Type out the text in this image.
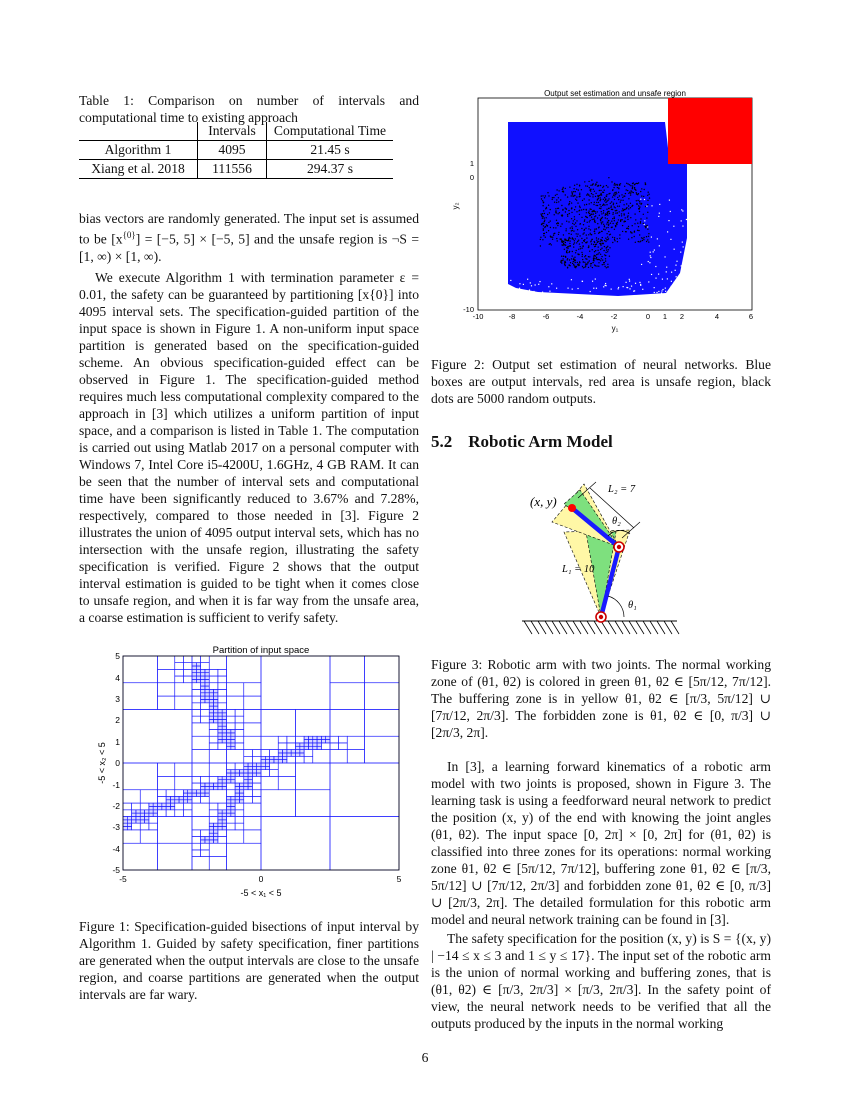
Table 1: Comparison on number of intervals and computational time to existing approach

	Intervals	Computational Time
Algorithm 1	4095	21.45 s
Xiang et al. 2018	111556	294.37 s

bias vectors are randomly generated. The input set is assumed to be $[x^{\{0\}}] = [-5$, 5] × [−5, 5] and the unsafe region is ¬S = [1, ∞) × [1, ∞).

We execute Algorithm 1 with termination parameter ε = 0.01, the safety can be guaranteed by partitioning [x{0}] into 4095 interval sets. The specification-guided partition of the input space is shown in Figure 1. A non-uniform input space partition is generated based on the specification-guided scheme. An obvious specification-guided effect can be observed in Figure 1. The specification-guided method requires much less computational complexity compared to the approach in [3] which utilizes a uniform partition of input space, and a comparison is listed in Table 1. The computation is carried out using Matlab 2017 on a personal computer with Windows 7, Intel Core i5-4200U, 1.6GHz, 4 GB RAM. It can be seen that the number of interval sets and computational time have been significantly reduced to 3.67% and 7.28%, respectively, compared to those needed in [3]. Figure 2 illustrates the union of 4095 output interval sets, which has no intersection with the unsafe region, illustrating the safety specification is verified. Figure 2 shows that the output interval estimation is guided to be tight when it comes close to unsafe region, and when it is far way from the unsafe area, a coarse estimation is sufficient to verify safety.

Partition of input space
5
4
3
2
1
0
-1
-2
-3
-4
-5
-5	0	5
-5 < x₁ < 5
-5 < x₂ < 5

Figure 1: Specification-guided bisections of input interval by Algorithm 1. Guided by safety specification, finer partitions are generated when the output intervals are close to the unsafe region, and coarse partitions are generated when the output intervals are far wary.

Output set estimation and unsafe region
1
0
-10
-10	-8	-6	-4	-2	0 1 2	4	6
y₁
y₂

Figure 2: Output set estimation of neural networks. Blue boxes are output intervals, red area is unsafe region, black dots are 5000 random outputs.

5.2 Robotic Arm Model
(x, y)
L₂ = 7
θ₂
L₁ = 10
θ₁

Figure 3: Robotic arm with two joints. The normal working zone of (θ1, θ2) is colored in green θ1, θ2 ∈ [5π/12, 7π/12]. The buffering zone is in yellow θ1, θ2 ∈ [π/3, 5π/12] ∪ [7π/12, 2π/3]. The forbidden zone is θ1, θ2 ∈ [0, π/3] ∪ [2π/3, 2π].

In [3], a learning forward kinematics of a robotic arm model with two joints is proposed, shown in Figure 3. The learning task is using a feedforward neural network to predict the position (x, y) of the end with knowing the joint angles (θ1, θ2). The input space [0, 2π] × [0, 2π] for (θ1, θ2) is classified into three zones for its operations: normal working zone θ1, θ2 ∈ [5π/12, 7π/12], buffering zone θ1, θ2 ∈ [π/3, 5π/12] ∪ [7π/12, 2π/3] and forbidden zone θ1, θ2 ∈ [0, π/3] ∪ [2π/3, 2π]. The detailed formulation for this robotic arm model and neural network training can be found in [3].

The safety specification for the position (x, y) is S = {(x, y) | −14 ≤ x ≤ 3 and 1 ≤ y ≤ 17}. The input set of the robotic arm is the union of normal working and buffering zones, that is (θ1, θ2) ∈ [π/3, 2π/3] × [π/3, 2π/3]. In the safety point of view, the neural network needs to be verified that all the outputs produced by the inputs in the normal working

6
